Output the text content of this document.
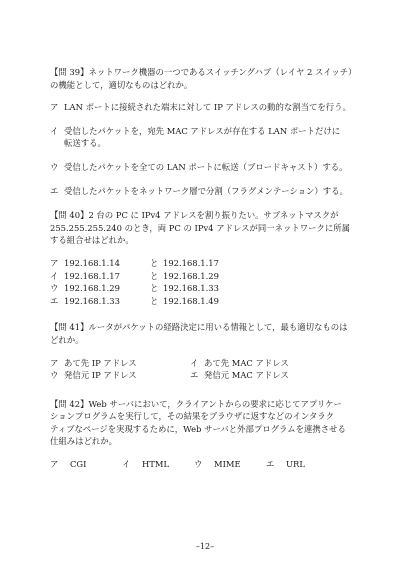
【問 39】ネットワーク機器の一つであるスイッチングハブ（レイヤ 2 スイッチ）
の機能として，適切なものはどれか。

ア LAN ポートに接続された端末に対して IP アドレスの動的な割当てを行う。
イ 受信したパケットを，宛先 MAC アドレスが存在する LAN ポートだけに
転送する。
ウ 受信したパケットを全ての LAN ポートに転送（ブロードキャスト）する。
エ 受信したパケットをネットワーク層で分割（フラグメンテーション）する。

【問 40】2 台の PC に IPv4 アドレスを割り振りたい。サブネットマスクが
255.255.255.240 のとき，両 PC の IPv4 アドレスが同一ネットワークに所属
する組合せはどれか。

ア 192.168.1.14	と 192.168.1.17
イ 192.168.1.17	と 192.168.1.29
ウ 192.168.1.29	と 192.168.1.33
エ 192.168.1.33	と 192.168.1.49

【問 41】ルータがパケットの経路決定に用いる情報として，最も適切なものは
どれか。

ア あて先 IP アドレス	イ あて先 MAC アドレス
ウ 発信元 IP アドレス	エ 発信元 MAC アドレス

【問 42】Web サーバにおいて，クライアントからの要求に応じてアプリケー
ションプログラムを実行して，その結果をブラウザに返すなどのインタラク
ティブなページを実現するために，Web サーバと外部プログラムを連携させる
仕組みはどれか。

ア	CGI	イ	HTML	ウ	MIME	エ	URL
–12–
